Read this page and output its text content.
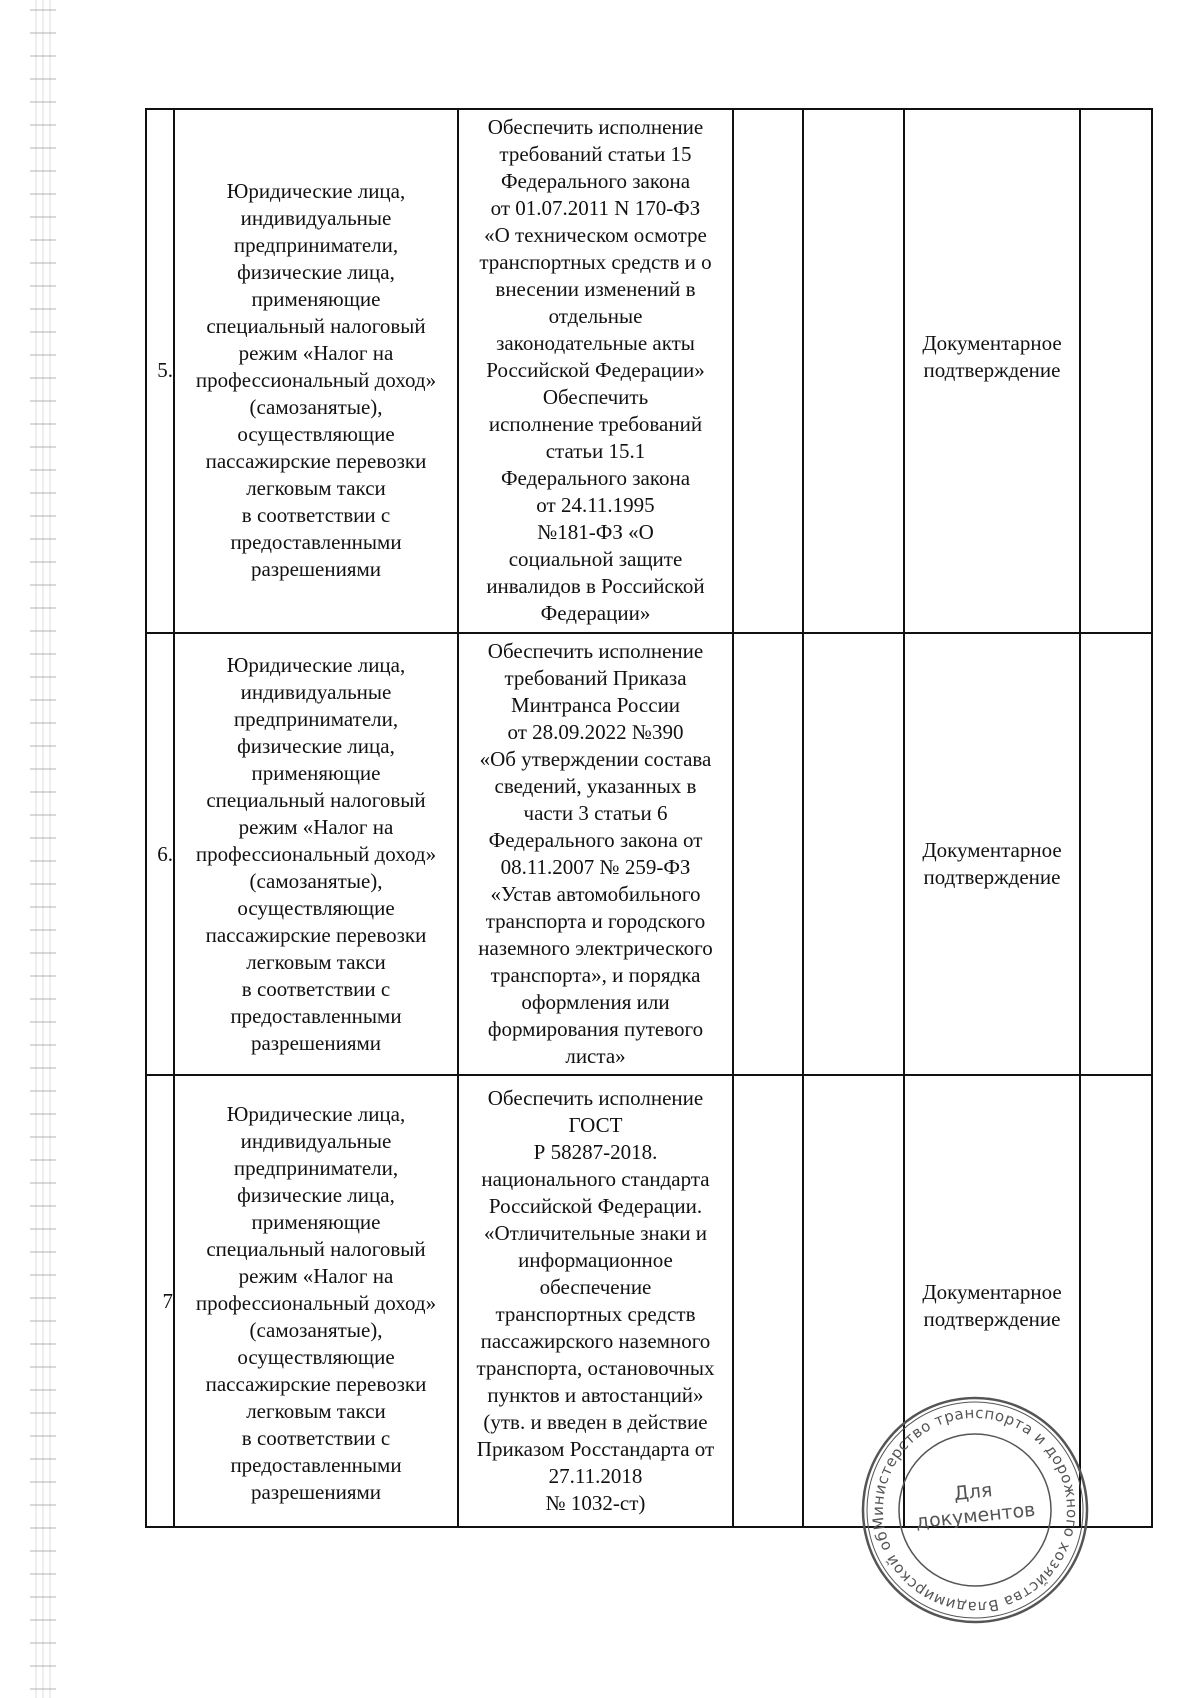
5.
Юридические лица,
индивидуальные
предприниматели,
физические лица,
применяющие
специальный налоговый
режим «Налог на
профессиональный доход»
(самозанятые),
осуществляющие
пассажирские перевозки
легковым такси
в соответствии с
предоставленными
разрешениями
Обеспечить исполнение
требований статьи 15
Федерального закона
от 01.07.2011 N 170-ФЗ
«О техническом осмотре
транспортных средств и о
внесении изменений в
отдельные
законодательные акты
Российской Федерации»
Обеспечить
исполнение требований
статьи 15.1
Федерального закона
от 24.11.1995
№181-ФЗ «О
социальной защите
инвалидов в Российской
Федерации»
Документарное
подтверждение
6.
Юридические лица,
индивидуальные
предприниматели,
физические лица,
применяющие
специальный налоговый
режим «Налог на
профессиональный доход»
(самозанятые),
осуществляющие
пассажирские перевозки
легковым такси
в соответствии с
предоставленными
разрешениями
Обеспечить исполнение
требований Приказа
Минтранса России
от 28.09.2022 №390
«Об утверждении состава
сведений, указанных в
части 3 статьи 6
Федерального закона от
08.11.2007 № 259-ФЗ
«Устав автомобильного
транспорта и городского
наземного электрического
транспорта», и порядка
оформления или
формирования путевого
листа»
Документарное
подтверждение
7
Юридические лица,
индивидуальные
предприниматели,
физические лица,
применяющие
специальный налоговый
режим «Налог на
профессиональный доход»
(самозанятые),
осуществляющие
пассажирские перевозки
легковым такси
в соответствии с
предоставленными
разрешениями
Обеспечить исполнение
ГОСТ
Р 58287-2018.
национального стандарта
Российской Федерации.
«Отличительные знаки и
информационное
обеспечение
транспортных средств
пассажирского наземного
транспорта, остановочных
пунктов и автостанций»
(утв. и введен в действие
Приказом Росстандарта от
27.11.2018
№ 1032-ст)
Документарное
подтверждение
Министерство транспорта и дорожного хозяйства Владимирской области
Для
документов
